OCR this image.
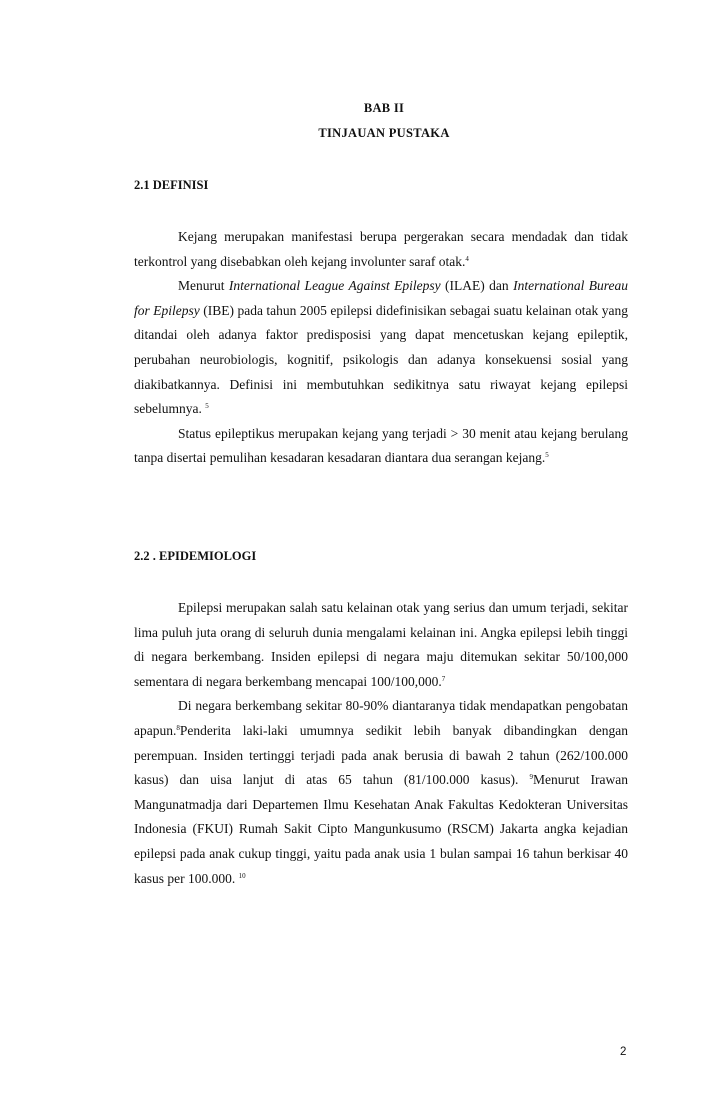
BAB II
TINJAUAN PUSTAKA
2.1 DEFINISI

Kejang merupakan manifestasi berupa pergerakan secara mendadak dan tidak terkontrol yang disebabkan oleh kejang involunter saraf otak.$^4$

Menurut International League Against Epilepsy (ILAE) dan International Bureau for Epilepsy (IBE) pada tahun 2005 epilepsi didefinisikan sebagai suatu kelainan otak yang ditandai oleh adanya faktor predisposisi yang dapat mencetuskan kejang epileptik, perubahan neurobiologis, kognitif, psikologis dan adanya konsekuensi sosial yang diakibatkannya. Definisi ini membutuhkan sedikitnya satu riwayat kejang epilepsi sebelumnya. $^5$

Status epileptikus merupakan kejang yang terjadi > 30 menit atau kejang berulang tanpa disertai pemulihan kesadaran kesadaran diantara dua serangan kejang.$^5$

2.2 . EPIDEMIOLOGI

Epilepsi merupakan salah satu kelainan otak yang serius dan umum terjadi, sekitar lima puluh juta orang di seluruh dunia mengalami kelainan ini. Angka epilepsi lebih tinggi di negara berkembang. Insiden epilepsi di negara maju ditemukan sekitar 50/100,000 sementara di negara berkembang mencapai 100/100,000.$^7$

Di negara berkembang sekitar 80-90% diantaranya tidak mendapatkan pengobatan apapun.$^8$Penderita laki-laki umumnya sedikit lebih banyak dibandingkan dengan perempuan. Insiden tertinggi terjadi pada anak berusia di bawah 2 tahun (262/100.000 kasus) dan uisa lanjut di atas 65 tahun (81/100.000 kasus). $^9$Menurut Irawan Mangunatmadja dari Departemen Ilmu Kesehatan Anak Fakultas Kedokteran Universitas Indonesia (FKUI) Rumah Sakit Cipto Mangunkusumo (RSCM) Jakarta angka kejadian epilepsi pada anak cukup tinggi, yaitu pada anak usia 1 bulan sampai 16 tahun berkisar 40 kasus per 100.000. $^{10}$

2
